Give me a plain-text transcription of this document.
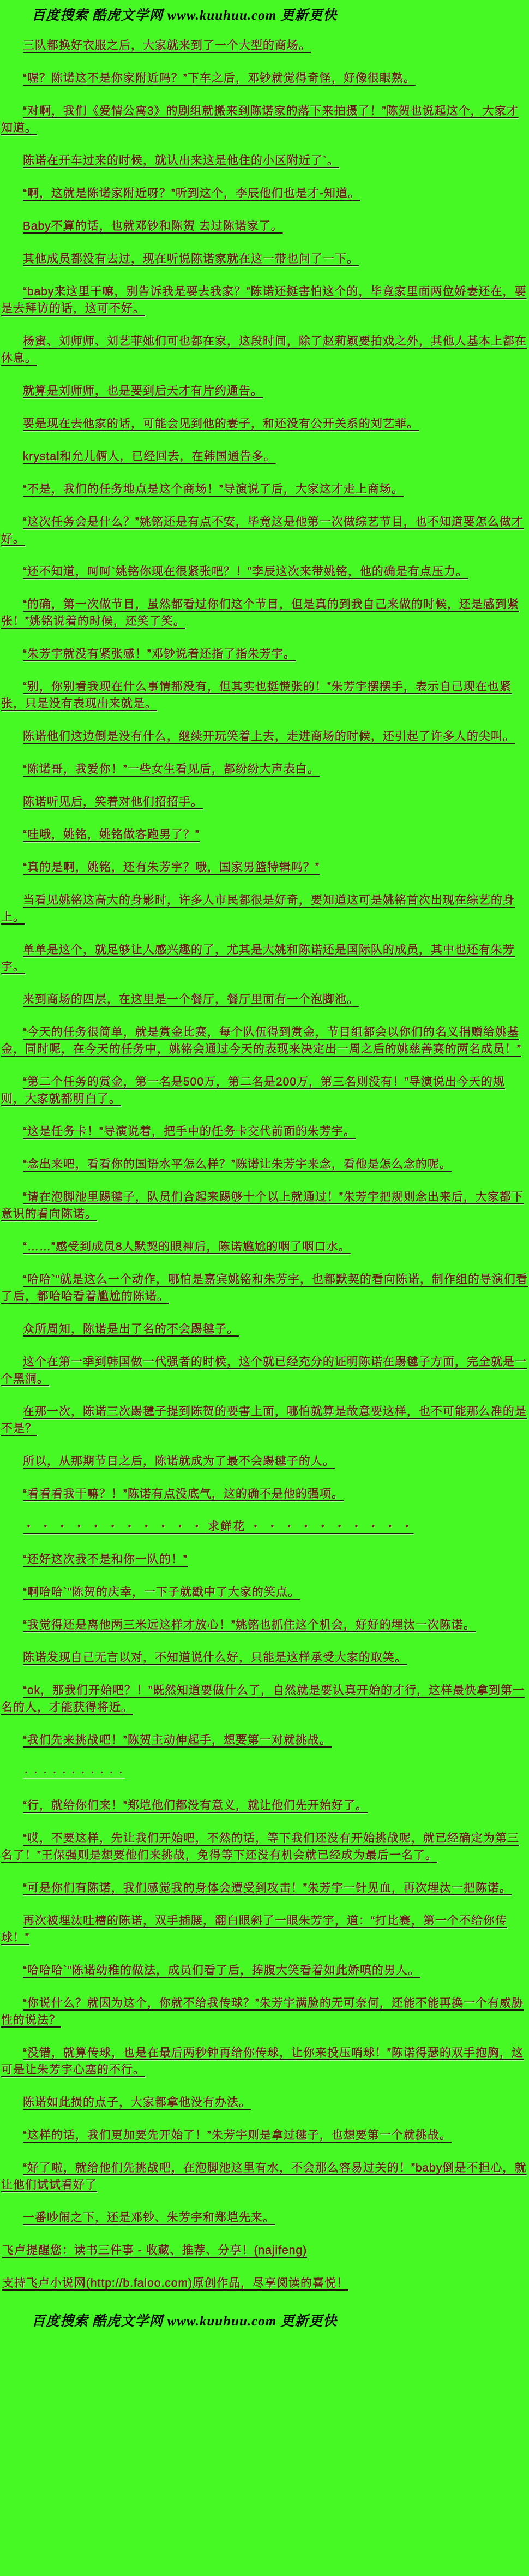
百度搜索 酷虎文学网 www.kuuhuu.com 更新更快

三队都换好衣服之后，大家就来到了一个大型的商场。

“喔？陈诺这不是你家附近吗？”下车之后，邓钞就觉得奇怪，好像很眼熟。

“对啊，我们《爱情公寓3》的剧组就搬来到陈诺家的落下来拍摄了！”陈贺也说起这个，大家才知道。

陈诺在开车过来的时候，就认出来这是他住的小区附近了`。

“啊，这就是陈诺家附近呀？”听到这个，李辰他们也是才-知道。

Baby不算的话，也就邓钞和陈贺 去过陈诺家了。

其他成员都没有去过，现在听说陈诺家就在这一带也问了一下。

“baby来这里干嘛，别告诉我是要去我家？”陈诺还挺害怕这个的，毕竟家里面两位娇妻还在，要是去拜访的话，这可不好。

杨蜜、刘师师、刘艺菲她们可也都在家，这段时间，除了赵莉颖要拍戏之外，其他人基本上都在休息。

就算是刘师师，也是要到后天才有片约通告。

要是现在去他家的话，可能会见到他的妻子，和还没有公开关系的刘艺菲。

krystal和允儿俩人，已经回去，在韩国通告多。

“不是，我们的任务地点是这个商场！”导演说了后，大家这才走上商场。

“这次任务会是什么？”姚铭还是有点不安，毕竟这是他第一次做综艺节目，也不知道要怎么做才好。

“还不知道，呵呵`姚铭你现在很紧张吧？！”李辰这次来带姚铭，他的确是有点压力。

“的确，第一次做节目，虽然都看过你们这个节目，但是真的到我自己来做的时候，还是感到紧张！”姚铭说着的时候，还笑了笑。

“朱芳宇就没有紧张感！”邓钞说着还指了指朱芳宇。

“别，你别看我现在什么事情都没有，但其实也挺慌张的！”朱芳宇摆摆手，表示自己现在也紧张，只是没有表现出来就是。

陈诺他们这边倒是没有什么，继续开玩笑着上去，走进商场的时候，还引起了许多人的尖叫。

“陈诺哥，我爱你！”一些女生看见后，都纷纷大声表白。

陈诺听见后，笑着对他们招招手。

“哇哦，姚铭，姚铭做客跑男了？”

“真的是啊，姚铭，还有朱芳宇？哦，国家男篮特辑吗？”

当看见姚铭这高大的身影时，许多人市民都很是好奇，要知道这可是姚铭首次出现在综艺的身上。

单单是这个，就足够让人感兴趣的了，尤其是大姚和陈诺还是国际队的成员，其中也还有朱芳宇。

来到商场的四层，在这里是一个餐厅，餐厅里面有一个泡脚池。

“今天的任务很简单，就是赏金比赛，每个队伍得到赏金，节目组都会以你们的名义捐赠给姚基金，同时呢，在今天的任务中，姚铭会通过今天的表现来决定出一周之后的姚慈善赛的两名成员！”

“第二个任务的赏金，第一名是500万，第二名是200万，第三名则没有！”导演说出今天的规则，大家就都明白了。

“这是任务卡！”导演说着，把手中的任务卡交代前面的朱芳宇。

“念出来吧，看看你的国语水平怎么样？”陈诺让朱芳宇来念，看他是怎么念的呢。

“请在泡脚池里踢毽子，队员们合起来踢够十个以上就通过！”朱芳宇把规则念出来后，大家都下意识的看向陈诺。

“……”感受到成员8人默契的眼神后，陈诺尴尬的咽了咽口水。

“哈哈`”就是这么一个动作，哪怕是嘉宾姚铭和朱芳宇，也都默契的看向陈诺，制作组的导演们看了后，都哈哈看着尴尬的陈诺。

众所周知，陈诺是出了名的不会踢毽子。

这个在第一季到韩国做一代强者的时候，这个就已经充分的证明陈诺在踢毽子方面，完全就是一个黑洞。

在那一次，陈诺三次踢毽子提到陈贺的要害上面，哪怕就算是故意要这样，也不可能那么准的是不是？

所以，从那期节目之后，陈诺就成为了最不会踢毽子的人。

“看看看我干嘛？！”陈诺有点没底气，这的确不是他的强项。

・ ・ ・ ・ ・ ・ ・ ・ ・ ・ ・ 求鲜花 ・ ・ ・ ・ ・ ・ ・ ・ ・ ・

“还好这次我不是和你一队的！”

“啊哈哈`”陈贺的庆幸，一下子就戳中了大家的笑点。

“我觉得还是离他两三米远这样才放心！”姚铭也抓住这个机会，好好的埋汰一次陈诺。

陈诺发现自己无言以对，不知道说什么好，只能是这样承受大家的取笑。

“ok，那我们开始吧？！”既然知道要做什么了，自然就是要认真开始的才行，这样最快拿到第一名的人，才能获得将近。

“我们先来挑战吧！”陈贺主动伸起手，想要第一对就挑战。

・ ・ ・ ・ ・ ・ ・ ・ ・ ・ ・

“行，就给你们来！”郑垲他们都没有意义，就让他们先开始好了。

“哎，不要这样，先让我们开始吧，不然的话，等下我们还没有开始挑战呢，就已经确定为第三名了！”王保强则是想要他们来挑战，免得等下还没有机会就已经成为最后一名了。

“可是你们有陈诺，我们感觉我的身体会遭受到攻击！”朱芳宇一针见血，再次埋汰一把陈诺。

再次被埋汰吐槽的陈诺，双手插腰，翻白眼斜了一眼朱芳宇，道：“打比赛，第一个不给你传球！”

“哈哈哈`”陈诺幼稚的做法，成员们看了后，捧腹大笑看着如此娇嗔的男人。

“你说什么？就因为这个，你就不给我传球？”朱芳宇满脸的无可奈何，还能不能再换一个有威胁性的说法？

“没错，就算传球，也是在最后两秒钟再给你传球，让你来投压哨球！”陈诺得瑟的双手抱胸，这可是让朱芳宇心塞的不行。

陈诺如此损的点子，大家都拿他没有办法。

“这样的话，我们更加要先开始了！”朱芳宇则是拿过毽子，也想要第一个就挑战。

“好了啦，就给他们先挑战吧，在泡脚池这里有水，不会那么容易过关的！”baby倒是不担心，就让他们试试看好了

一番吵闹之下，还是邓钞、朱芳宇和郑垲先来。

飞卢提醒您：读书三件事 - 收藏、推荐、分享！(najifeng)

支持飞卢小说网(http://b.faloo.com)原创作品，尽享阅读的喜悦！

百度搜索 酷虎文学网 www.kuuhuu.com 更新更快
